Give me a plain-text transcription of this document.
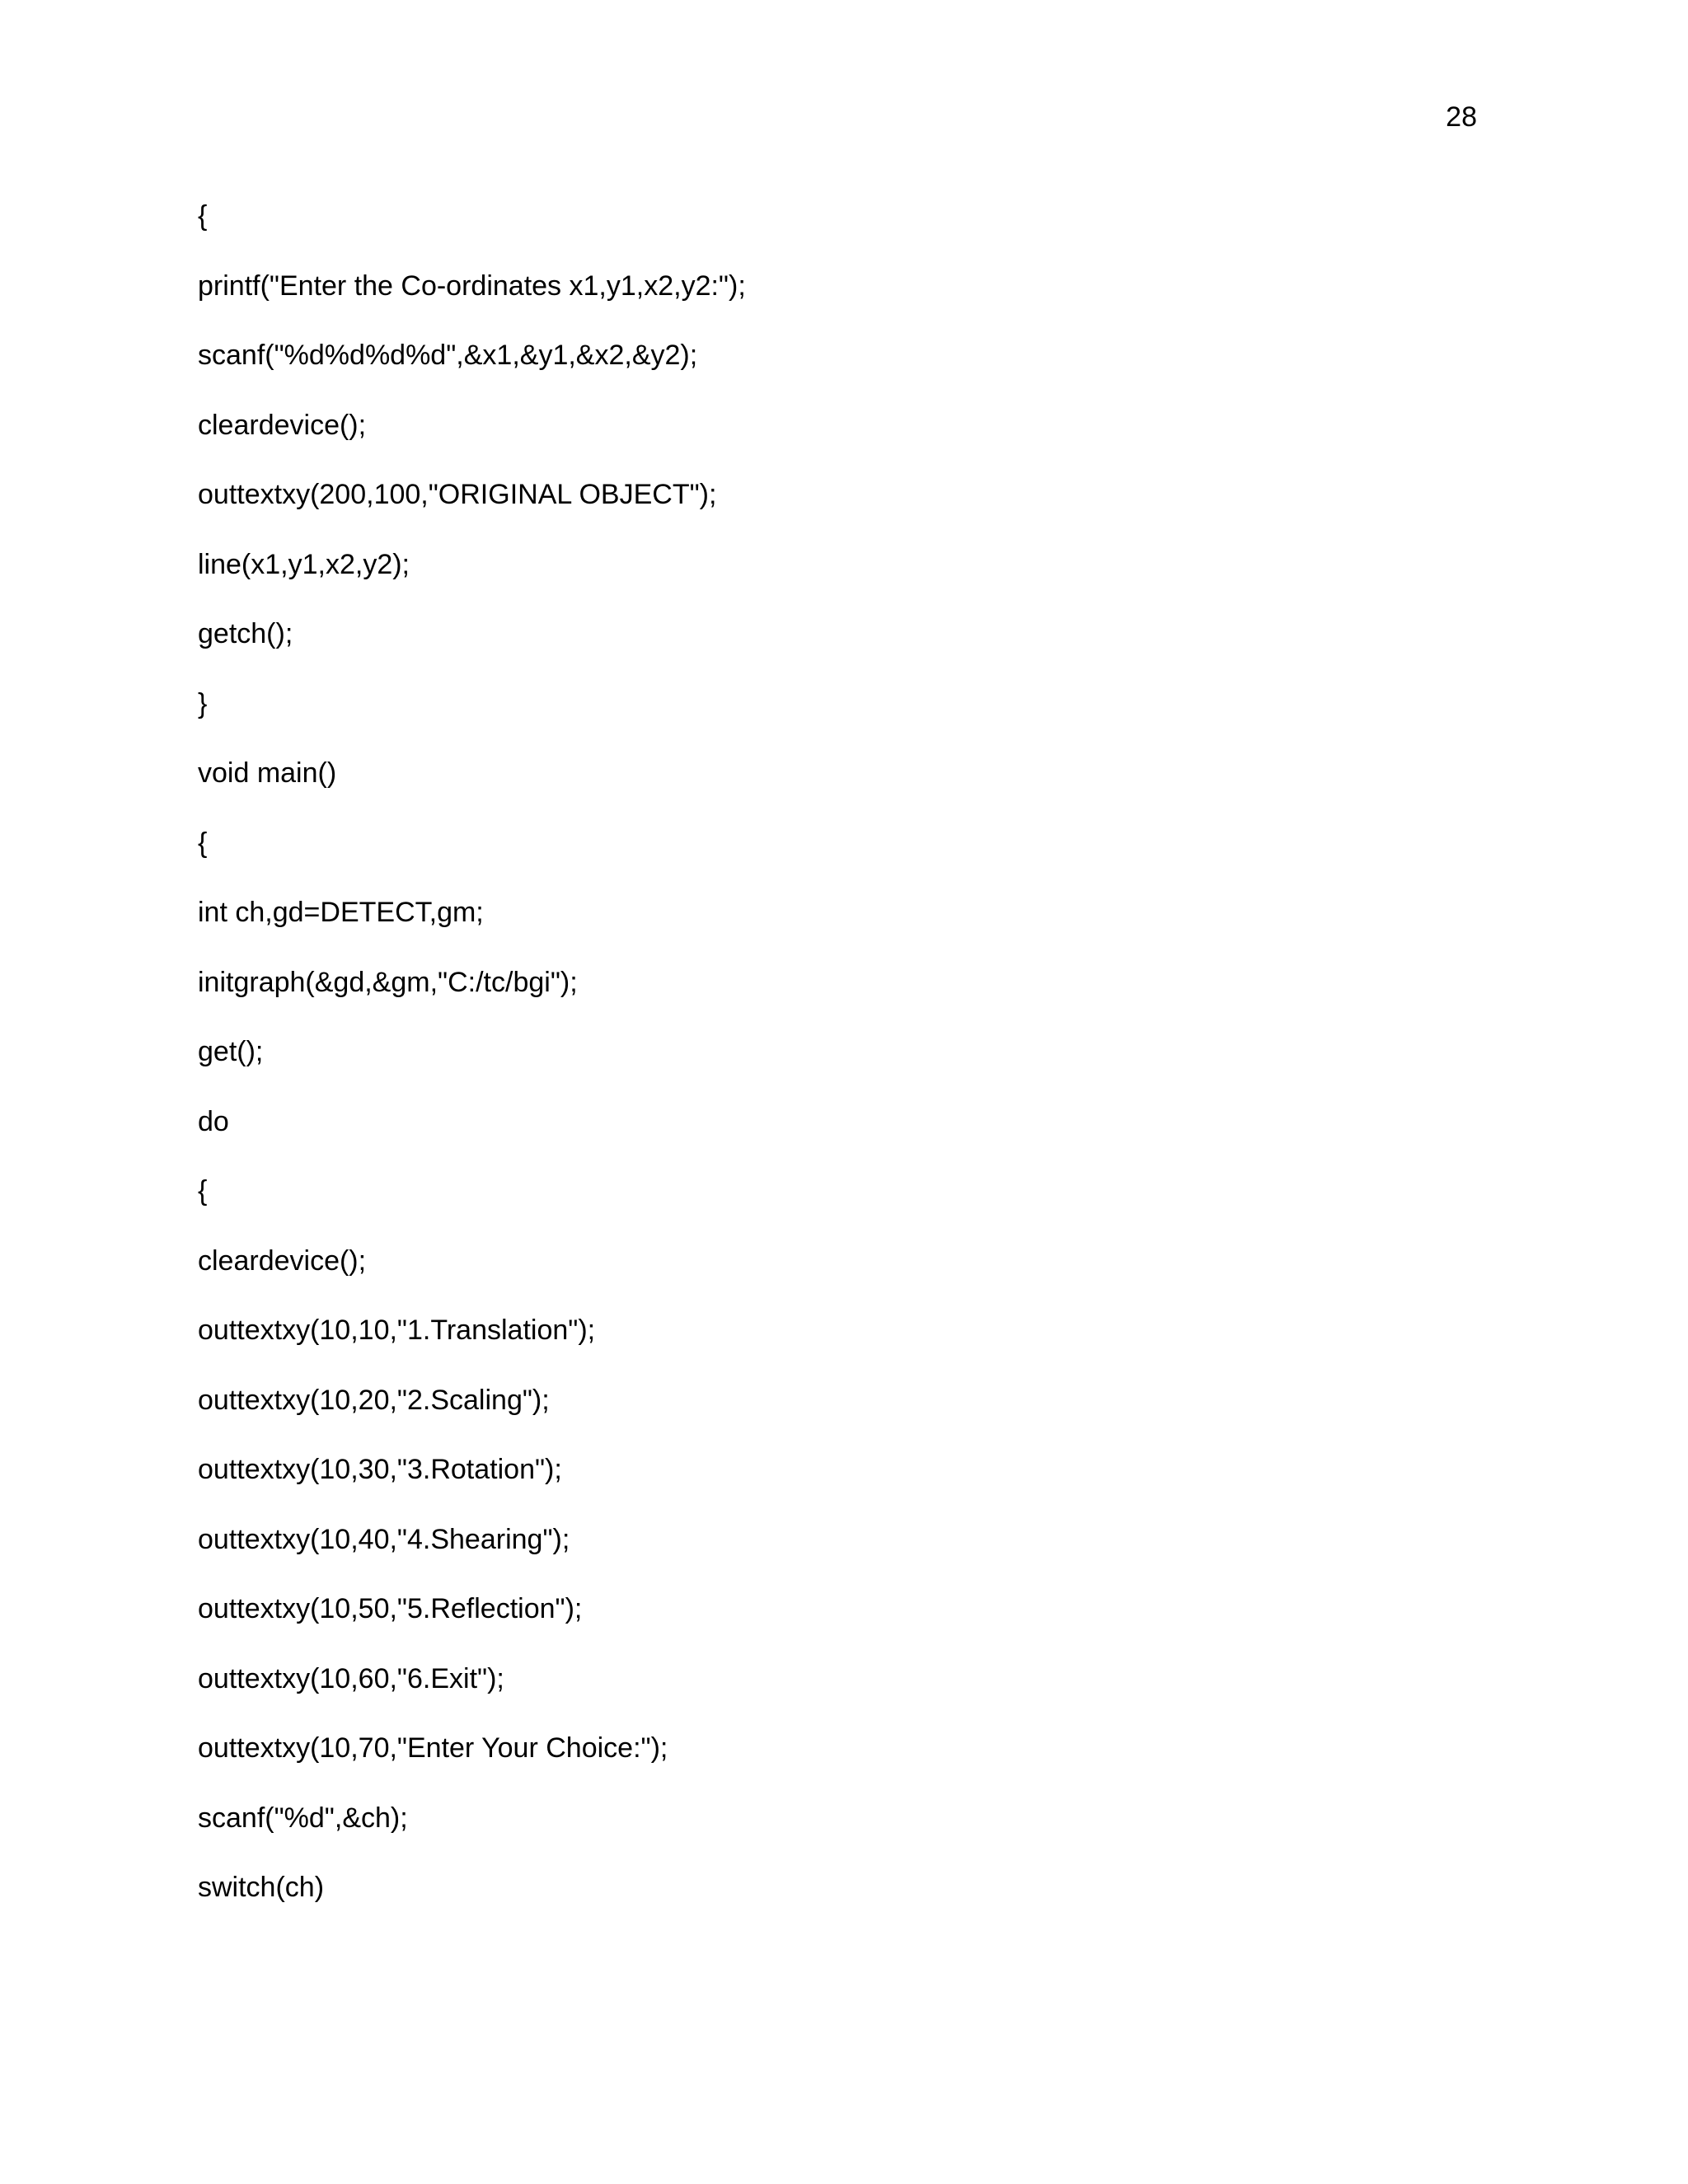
28
{
printf("Enter the Co-ordinates x1,y1,x2,y2:");
scanf("%d%d%d%d",&x1,&y1,&x2,&y2);
cleardevice();
outtextxy(200,100,"ORIGINAL OBJECT");
line(x1,y1,x2,y2);
getch();
}
void main()
{
int ch,gd=DETECT,gm;
initgraph(&gd,&gm,"C:/tc/bgi");
get();
do
{
cleardevice();
outtextxy(10,10,"1.Translation");
outtextxy(10,20,"2.Scaling");
outtextxy(10,30,"3.Rotation");
outtextxy(10,40,"4.Shearing");
outtextxy(10,50,"5.Reflection");
outtextxy(10,60,"6.Exit");
outtextxy(10,70,"Enter Your Choice:");
scanf("%d",&ch);
switch(ch)
